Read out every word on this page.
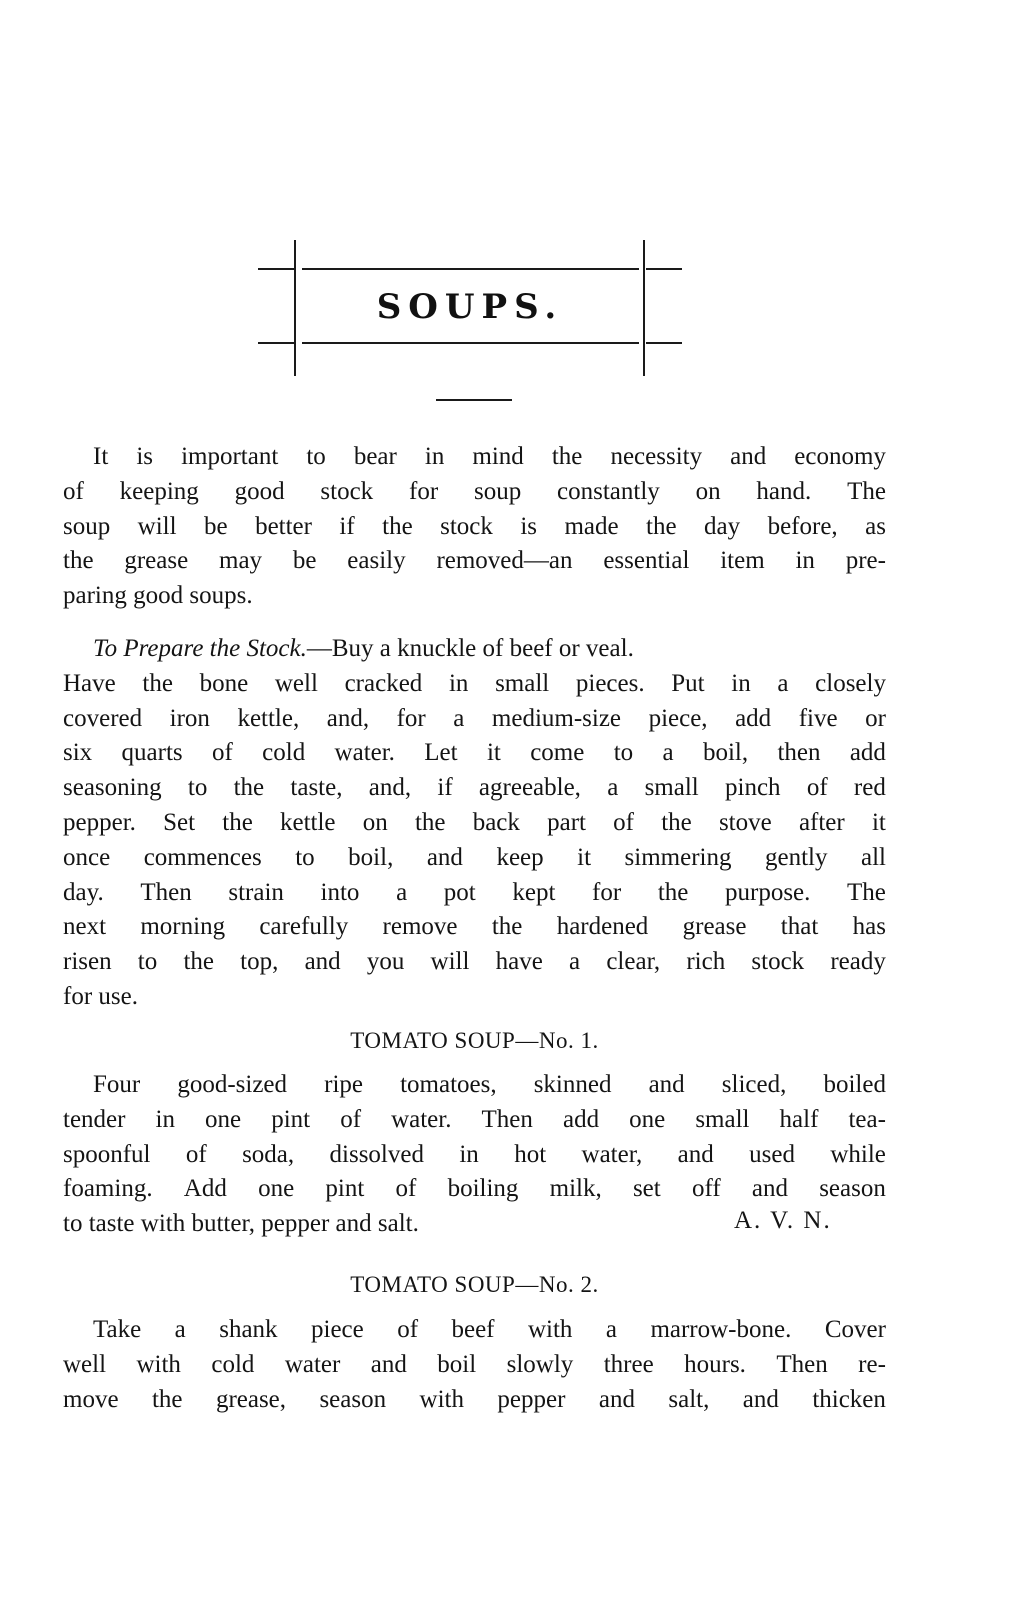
SOUPS.
It is important to bear in mind the necessity and economy
of keeping good stock for soup constantly on hand. The
soup will be better if the stock is made the day before, as
the grease may be easily removed—an essential item in pre-
paring good soups.
To Prepare the Stock. —Buy a knuckle of beef or veal.
Have the bone well cracked in small pieces. Put in a closely
covered iron kettle, and, for a medium-size piece, add five or
six quarts of cold water. Let it come to a boil, then add
seasoning to the taste, and, if agreeable, a small pinch of red
pepper. Set the kettle on the back part of the stove after it
once commences to boil, and keep it simmering gently all
day. Then strain into a pot kept for the purpose. The
next morning carefully remove the hardened grease that has
risen to the top, and you will have a clear, rich stock ready
for use.
TOMATO SOUP—No. 1.
Four good-sized ripe tomatoes, skinned and sliced, boiled
tender in one pint of water. Then add one small half tea-
spoonful of soda, dissolved in hot water, and used while
foaming. Add one pint of boiling milk, set off and season
to taste with butter, pepper and salt.	A. V. N.
TOMATO SOUP—No. 2.
Take a shank piece of beef with a marrow-bone. Cover
well with cold water and boil slowly three hours. Then re-
move the grease, season with pepper and salt, and thicken
